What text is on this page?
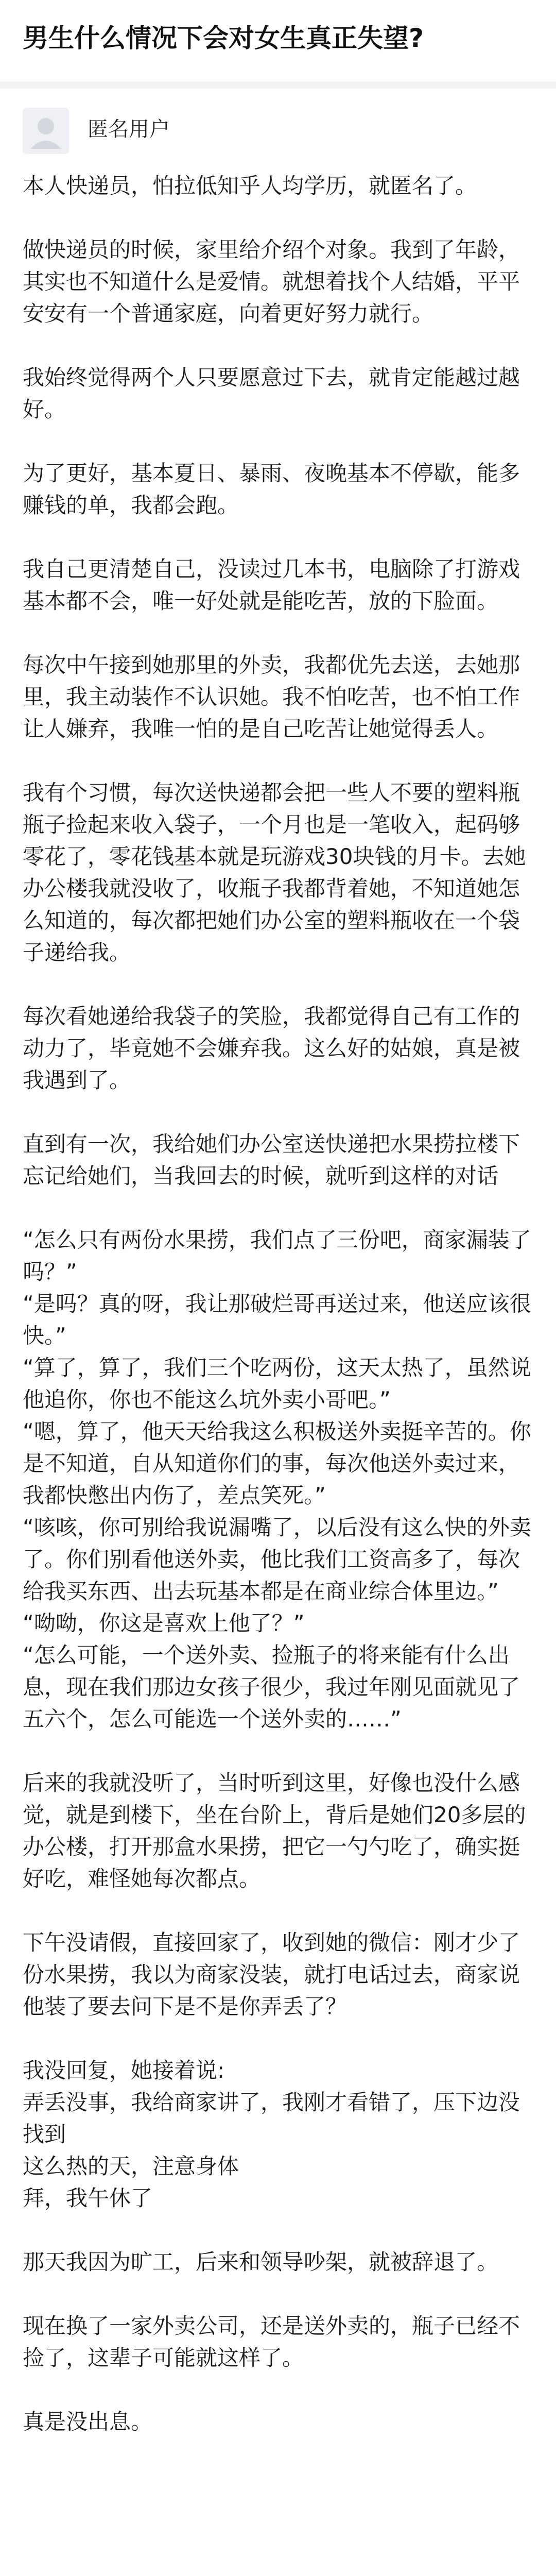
男生什么情况下会对女生真正失望?
匿名用户

本人快递员，怕拉低知乎人均学历，就匿名了。

做快递员的时候，家里给介绍个对象。我到了年龄，其实也不知道什么是爱情。就想着找个人结婚，平平安安有一个普通家庭，向着更好努力就行。

我始终觉得两个人只要愿意过下去，就肯定能越过越好。

为了更好，基本夏日、暴雨、夜晚基本不停歇，能多赚钱的单，我都会跑。

我自己更清楚自己，没读过几本书，电脑除了打游戏基本都不会，唯一好处就是能吃苦，放的下脸面。

每次中午接到她那里的外卖，我都优先去送，去她那里，我主动装作不认识她。我不怕吃苦，也不怕工作让人嫌弃，我唯一怕的是自己吃苦让她觉得丢人。

我有个习惯，每次送快递都会把一些人不要的塑料瓶瓶子捡起来收入袋子，一个月也是一笔收入，起码够零花了，零花钱基本就是玩游戏30块钱的月卡。去她办公楼我就没收了，收瓶子我都背着她，不知道她怎么知道的，每次都把她们办公室的塑料瓶收在一个袋子递给我。

每次看她递给我袋子的笑脸，我都觉得自己有工作的动力了，毕竟她不会嫌弃我。这么好的姑娘，真是被我遇到了。

直到有一次，我给她们办公室送快递把水果捞拉楼下忘记给她们，当我回去的时候，就听到这样的对话

“怎么只有两份水果捞，我们点了三份吧，商家漏装了吗？”

“是吗？真的呀，我让那破烂哥再送过来，他送应该很快。”

“算了，算了，我们三个吃两份，这天太热了，虽然说他追你，你也不能这么坑外卖小哥吧。”

“嗯，算了，他天天给我这么积极送外卖挺辛苦的。你是不知道，自从知道你们的事，每次他送外卖过来，我都快憋出内伤了，差点笑死。”

“咳咳，你可别给我说漏嘴了，以后没有这么快的外卖了。你们别看他送外卖，他比我们工资高多了，每次给我买东西、出去玩基本都是在商业综合体里边。”

“呦呦，你这是喜欢上他了？”

“怎么可能，一个送外卖、捡瓶子的将来能有什么出息，现在我们那边女孩子很少，我过年刚见面就见了五六个，怎么可能选一个送外卖的……”

后来的我就没听了，当时听到这里，好像也没什么感觉，就是到楼下，坐在台阶上，背后是她们20多层的办公楼，打开那盒水果捞，把它一勺勺吃了，确实挺好吃，难怪她每次都点。

下午没请假，直接回家了，收到她的微信：刚才少了份水果捞，我以为商家没装，就打电话过去，商家说他装了要去问下是不是你弄丢了？

我没回复，她接着说:

弄丢没事，我给商家讲了，我刚才看错了，压下边没找到

这么热的天，注意身体

拜，我午休了

那天我因为旷工，后来和领导吵架，就被辞退了。

现在换了一家外卖公司，还是送外卖的，瓶子已经不捡了，这辈子可能就这样了。

真是没出息。
